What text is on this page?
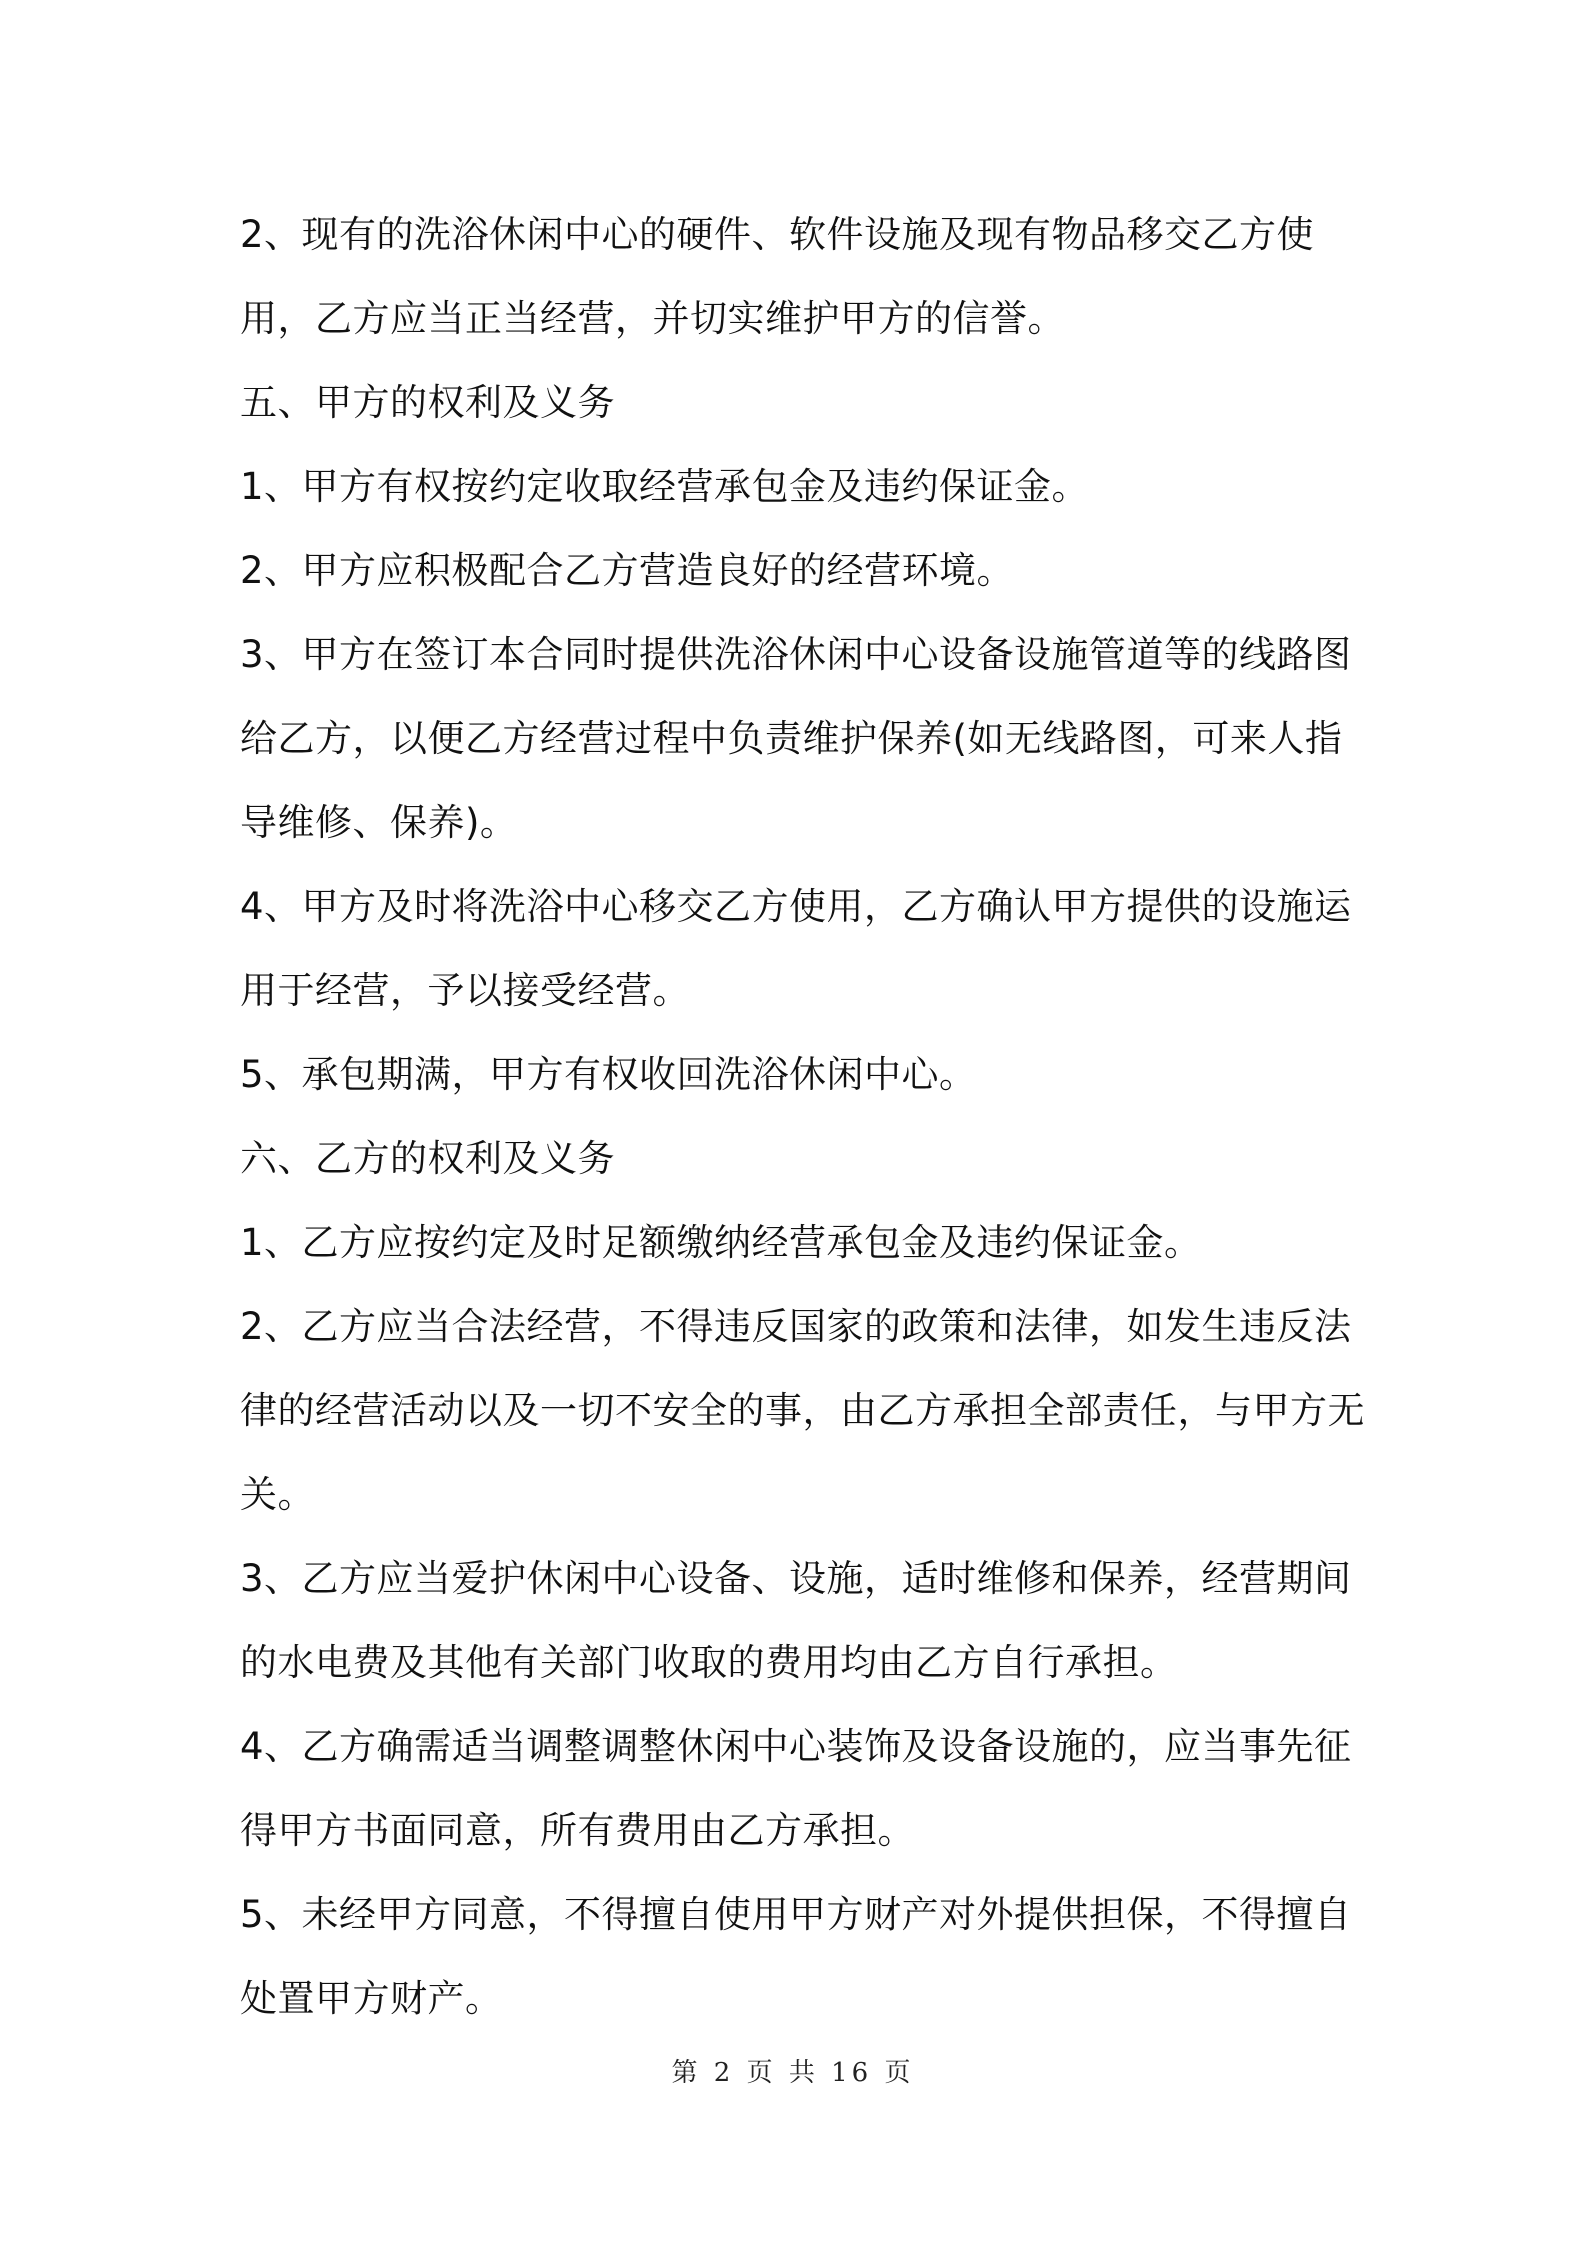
2、现有的洗浴休闲中心的硬件、软件设施及现有物品移交乙方使用，乙方应当正当经营，并切实维护甲方的信誉。

五、甲方的权利及义务

1、甲方有权按约定收取经营承包金及违约保证金。

2、甲方应积极配合乙方营造良好的经营环境。

3、甲方在签订本合同时提供洗浴休闲中心设备设施管道等的线路图给乙方，以便乙方经营过程中负责维护保养(如无线路图，可来人指导维修、保养)。

4、甲方及时将洗浴中心移交乙方使用，乙方确认甲方提供的设施运用于经营，予以接受经营。

5、承包期满，甲方有权收回洗浴休闲中心。

六、乙方的权利及义务

1、乙方应按约定及时足额缴纳经营承包金及违约保证金。

2、乙方应当合法经营，不得违反国家的政策和法律，如发生违反法律的经营活动以及一切不安全的事，由乙方承担全部责任，与甲方无关。

3、乙方应当爱护休闲中心设备、设施，适时维修和保养，经营期间的水电费及其他有关部门收取的费用均由乙方自行承担。

4、乙方确需适当调整调整休闲中心装饰及设备设施的，应当事先征得甲方书面同意，所有费用由乙方承担。

5、未经甲方同意，不得擅自使用甲方财产对外提供担保，不得擅自处置甲方财产。

第 2 页 共 16 页
